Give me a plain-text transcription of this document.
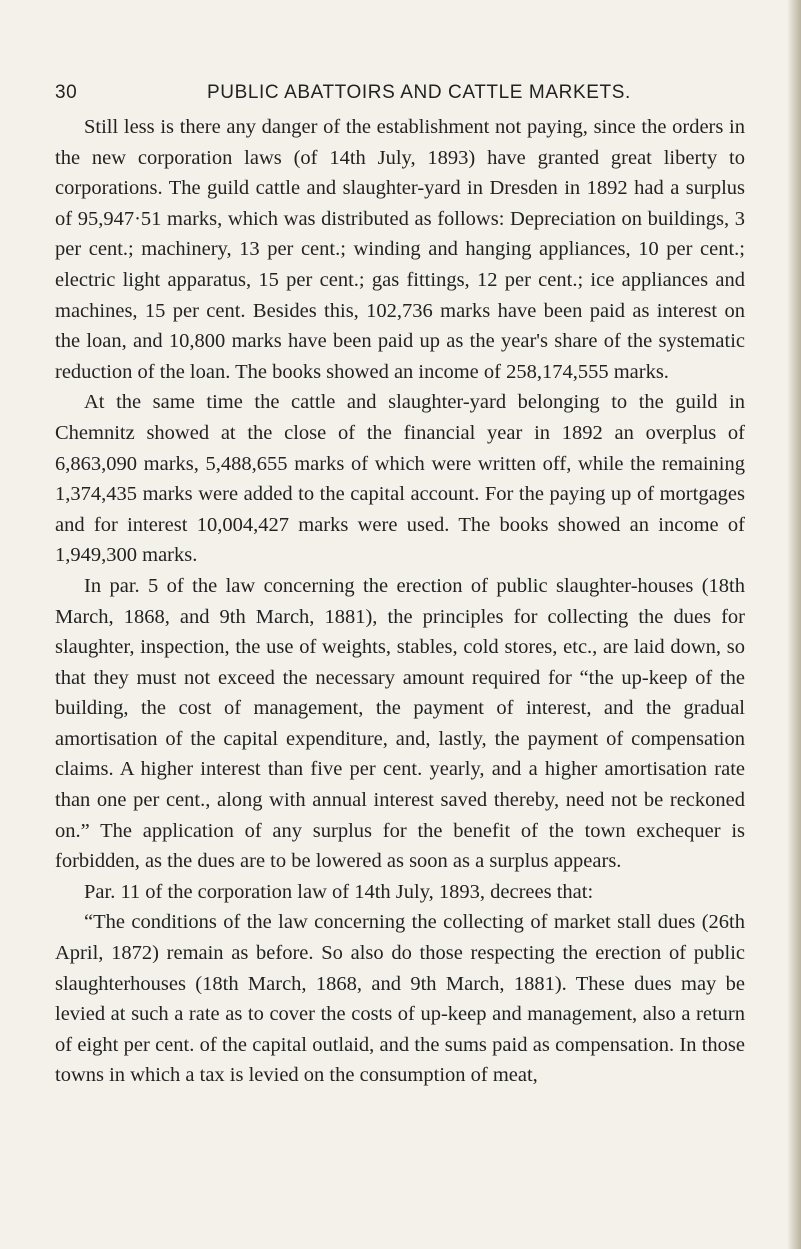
30	PUBLIC ABATTOIRS AND CATTLE MARKETS.

Still less is there any danger of the establishment not paying, since the orders in the new corporation laws (of 14th July, 1893) have granted great liberty to corporations. The guild cattle and slaughter-yard in Dresden in 1892 had a surplus of 95,947·51 marks, which was distributed as follows: Depreciation on buildings, 3 per cent.; machinery, 13 per cent.; winding and hanging appliances, 10 per cent.; electric light apparatus, 15 per cent.; gas fittings, 12 per cent.; ice appliances and machines, 15 per cent. Besides this, 102,736 marks have been paid as interest on the loan, and 10,800 marks have been paid up as the year's share of the systematic reduction of the loan. The books showed an income of 258,174,555 marks.

At the same time the cattle and slaughter-yard belonging to the guild in Chemnitz showed at the close of the financial year in 1892 an overplus of 6,863,090 marks, 5,488,655 marks of which were written off, while the remaining 1,374,435 marks were added to the capital account. For the paying up of mortgages and for interest 10,004,427 marks were used. The books showed an income of 1,949,300 marks.

In par. 5 of the law concerning the erection of public slaughter-houses (18th March, 1868, and 9th March, 1881), the principles for collecting the dues for slaughter, inspection, the use of weights, stables, cold stores, etc., are laid down, so that they must not exceed the necessary amount required for “the up-keep of the building, the cost of management, the payment of interest, and the gradual amortisation of the capital expenditure, and, lastly, the payment of compensation claims. A higher interest than five per cent. yearly, and a higher amortisation rate than one per cent., along with annual interest saved thereby, need not be reckoned on.” The application of any surplus for the benefit of the town exchequer is forbidden, as the dues are to be lowered as soon as a surplus appears.

Par. 11 of the corporation law of 14th July, 1893, decrees that:

“The conditions of the law concerning the collecting of market stall dues (26th April, 1872) remain as before. So also do those respecting the erection of public slaughterhouses (18th March, 1868, and 9th March, 1881). These dues may be levied at such a rate as to cover the costs of up-keep and management, also a return of eight per cent. of the capital outlaid, and the sums paid as compensation. In those towns in which a tax is levied on the consumption of meat,
